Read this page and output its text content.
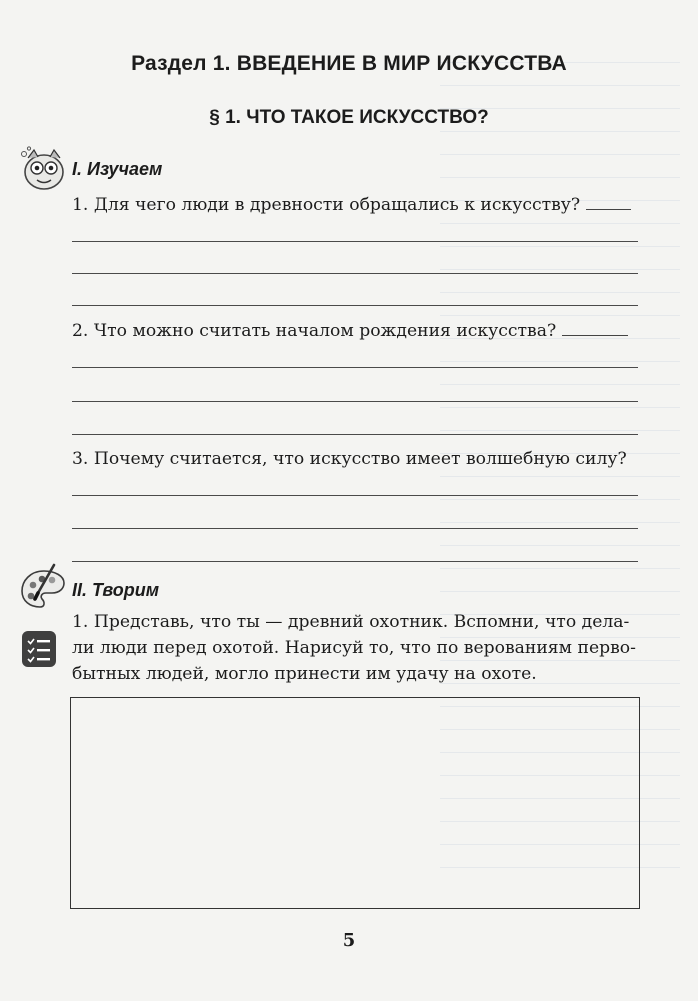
Раздел 1. ВВЕДЕНИЕ В МИР ИСКУССТВА
§ 1. ЧТО ТАКОЕ ИСКУССТВО?
I. Изучаем
1. Для чего люди в древности обращались к искусству?
2. Что можно считать началом рождения искусства?
3. Почему считается, что искусство имеет волшебную силу?
II. Творим
1. Представь, что ты — древний охотник. Вспомни, что дела-
ли люди перед охотой. Нарисуй то, что по верованиям перво-
бытных людей, могло принести им удачу на охоте.
5
